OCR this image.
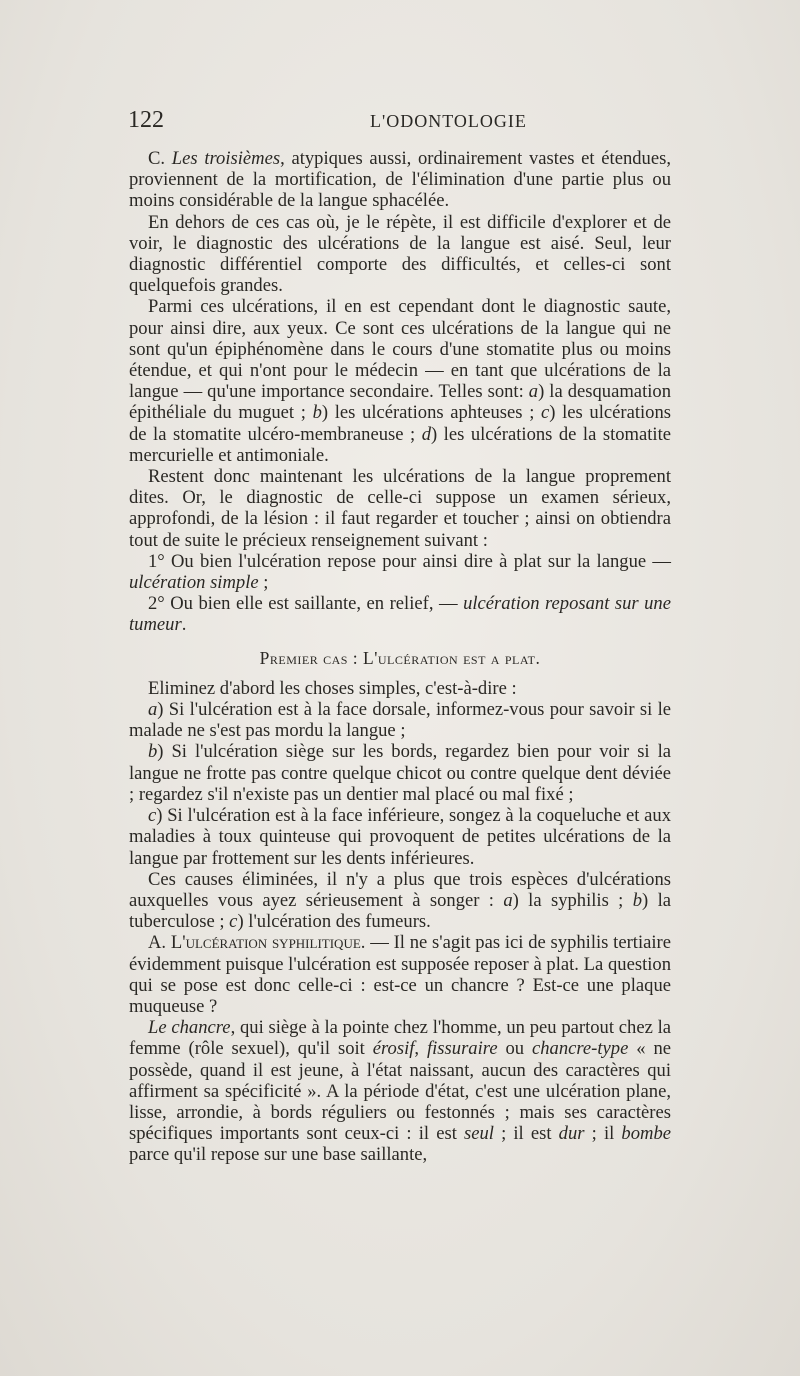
122	L'ODONTOLOGIE

C. Les troisièmes, atypiques aussi, ordinairement vastes et étendues, proviennent de la mortification, de l'élimination d'une partie plus ou moins considérable de la langue sphacélée.

En dehors de ces cas où, je le répète, il est difficile d'explorer et de voir, le diagnostic des ulcérations de la langue est aisé. Seul, leur diagnostic différentiel comporte des difficultés, et celles-ci sont quelquefois grandes.

Parmi ces ulcérations, il en est cependant dont le diagnostic saute, pour ainsi dire, aux yeux. Ce sont ces ulcérations de la langue qui ne sont qu'un épiphénomène dans le cours d'une stomatite plus ou moins étendue, et qui n'ont pour le médecin — en tant que ulcérations de la langue — qu'une importance secondaire. Telles sont: a) la desquamation épithéliale du muguet ; b) les ulcérations aphteuses ; c) les ulcérations de la stomatite ulcéro-membraneuse ; d) les ulcérations de la stomatite mercurielle et antimoniale.

Restent donc maintenant les ulcérations de la langue proprement dites. Or, le diagnostic de celle-ci suppose un examen sérieux, approfondi, de la lésion : il faut regarder et toucher ; ainsi on obtiendra tout de suite le précieux renseignement suivant :

1° Ou bien l'ulcération repose pour ainsi dire à plat sur la langue — ulcération simple ;

2° Ou bien elle est saillante, en relief, — ulcération reposant sur une tumeur.

Premier cas : L'ulcération est a plat.

Eliminez d'abord les choses simples, c'est-à-dire :

a) Si l'ulcération est à la face dorsale, informez-vous pour savoir si le malade ne s'est pas mordu la langue ;

b) Si l'ulcération siège sur les bords, regardez bien pour voir si la langue ne frotte pas contre quelque chicot ou contre quelque dent déviée ; regardez s'il n'existe pas un dentier mal placé ou mal fixé ;

c) Si l'ulcération est à la face inférieure, songez à la coqueluche et aux maladies à toux quinteuse qui provoquent de petites ulcérations de la langue par frottement sur les dents inférieures.

Ces causes éliminées, il n'y a plus que trois espèces d'ulcérations auxquelles vous ayez sérieusement à songer : a) la syphilis ; b) la tuberculose ; c) l'ulcération des fumeurs.

A. L'ulcération syphilitique. — Il ne s'agit pas ici de syphilis tertiaire évidemment puisque l'ulcération est supposée reposer à plat. La question qui se pose est donc celle-ci : est-ce un chancre ? Est-ce une plaque muqueuse ?

Le chancre, qui siège à la pointe chez l'homme, un peu partout chez la femme (rôle sexuel), qu'il soit érosif, fissuraire ou chancre-type « ne possède, quand il est jeune, à l'état naissant, aucun des caractères qui affirment sa spécificité ». A la période d'état, c'est une ulcération plane, lisse, arrondie, à bords réguliers ou festonnés ; mais ses caractères spécifiques importants sont ceux-ci : il est seul ; il est dur ; il bombe parce qu'il repose sur une base saillante,
